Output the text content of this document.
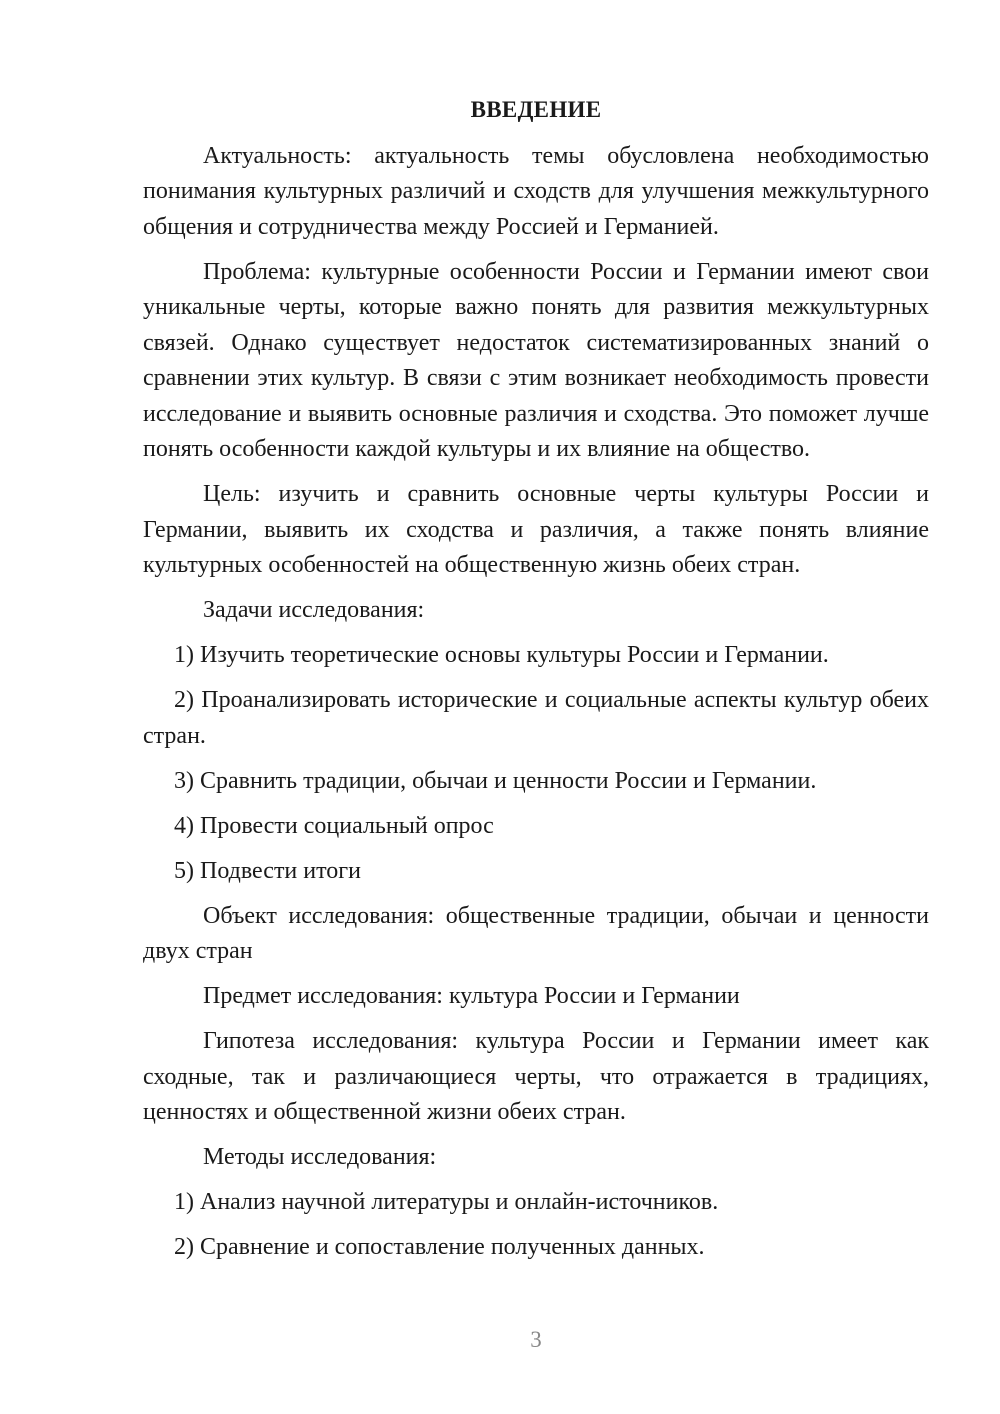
ВВЕДЕНИЕ

Актуальность: актуальность темы обусловлена необходимостью понимания культурных различий и сходств для улучшения межкультурного общения и сотрудничества между Россией и Германией.

Проблема: культурные особенности России и Германии имеют свои уникальные черты, которые важно понять для развития межкультурных связей. Однако существует недостаток систематизированных знаний о сравнении этих культур. В связи с этим возникает необходимость провести исследование и выявить основные различия и сходства. Это поможет лучше понять особенности каждой культуры и их влияние на общество.

Цель: изучить и сравнить основные черты культуры России и Германии, выявить их сходства и различия, а также понять влияние культурных особенностей на общественную жизнь обеих стран.

Задачи исследования:

1) Изучить теоретические основы культуры России и Германии.

2) Проанализировать исторические и социальные аспекты культур обеих стран.

3) Сравнить традиции, обычаи и ценности России и Германии.

4) Провести социальный опрос

5) Подвести итоги

Объект исследования: общественные традиции, обычаи и ценности двух стран

Предмет исследования: культура России и Германии

Гипотеза исследования: культура России и Германии имеет как сходные, так и различающиеся черты, что отражается в традициях, ценностях и общественной жизни обеих стран.

Методы исследования:

1) Анализ научной литературы и онлайн-источников.

2) Сравнение и сопоставление полученных данных.

3
